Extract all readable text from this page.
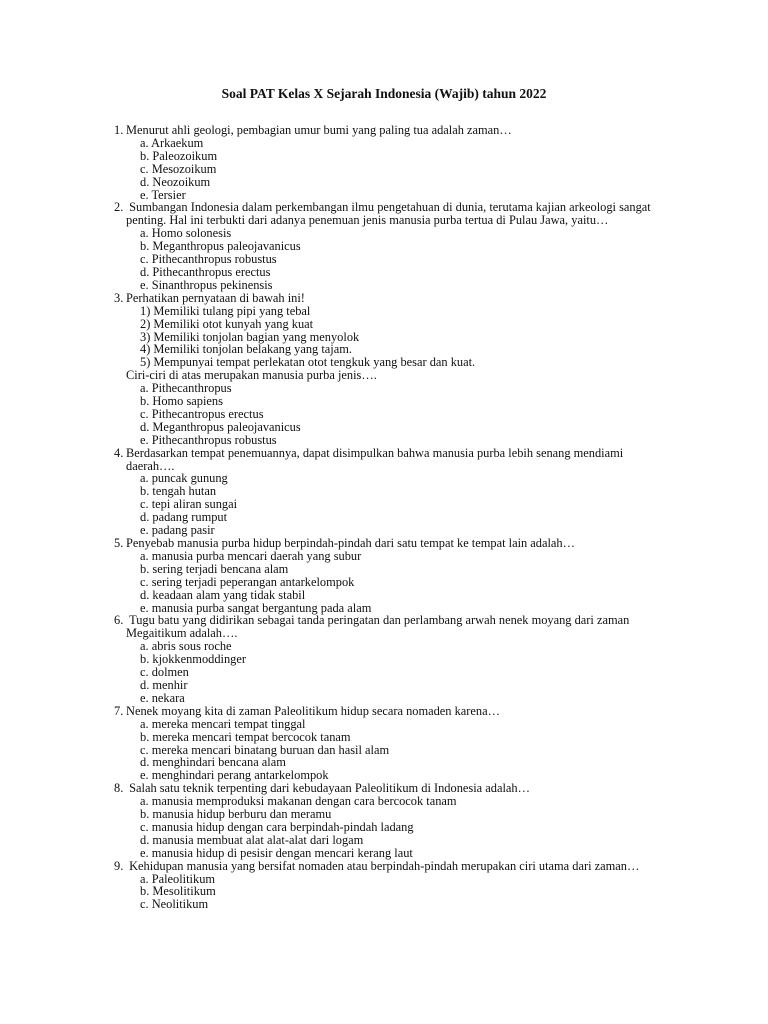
Soal PAT Kelas X Sejarah Indonesia (Wajib) tahun 2022
1. Menurut ahli geologi, pembagian umur bumi yang paling tua adalah zaman…
a. Arkaekum
b. Paleozoikum
c. Mesozoikum
d. Neozoikum
e. Tersier
2. Sumbangan Indonesia dalam perkembangan ilmu pengetahuan di dunia, terutama kajian arkeologi sangat penting. Hal ini terbukti dari adanya penemuan jenis manusia purba tertua di Pulau Jawa, yaitu…
a. Homo solonesis
b. Meganthropus paleojavanicus
c. Pithecanthropus robustus
d. Pithecanthropus erectus
e. Sinanthropus pekinensis
3. Perhatikan pernyataan di bawah ini!
1) Memiliki tulang pipi yang tebal
2) Memiliki otot kunyah yang kuat
3) Memiliki tonjolan bagian yang menyolok
4) Memiliki tonjolan belakang yang tajam.
5) Mempunyai tempat perlekatan otot tengkuk yang besar dan kuat.
Ciri-ciri di atas merupakan manusia purba jenis….
a. Pithecanthropus
b. Homo sapiens
c. Pithecantropus erectus
d. Meganthropus paleojavanicus
e. Pithecanthropus robustus
4. Berdasarkan tempat penemuannya, dapat disimpulkan bahwa manusia purba lebih senang mendiami daerah….
a. puncak gunung
b. tengah hutan
c. tepi aliran sungai
d. padang rumput
e. padang pasir
5. Penyebab manusia purba hidup berpindah-pindah dari satu tempat ke tempat lain adalah…
a. manusia purba mencari daerah yang subur
b. sering terjadi bencana alam
c. sering terjadi peperangan antarkelompok
d. keadaan alam yang tidak stabil
e. manusia purba sangat bergantung pada alam
6. Tugu batu yang didirikan sebagai tanda peringatan dan perlambang arwah nenek moyang dari zaman Megaitikum adalah….
a. abris sous roche
b. kjokkenmoddinger
c. dolmen
d. menhir
e. nekara
7. Nenek moyang kita di zaman Paleolitikum hidup secara nomaden karena…
a. mereka mencari tempat tinggal
b. mereka mencari tempat bercocok tanam
c. mereka mencari binatang buruan dan hasil alam
d. menghindari bencana alam
e. menghindari perang antarkelompok
8. Salah satu teknik terpenting dari kebudayaan Paleolitikum di Indonesia adalah…
a. manusia memproduksi makanan dengan cara bercocok tanam
b. manusia hidup berburu dan meramu
c. manusia hidup dengan cara berpindah-pindah ladang
d. manusia membuat alat alat-alat dari logam
e. manusia hidup di pesisir dengan mencari kerang laut
9. Kehidupan manusia yang bersifat nomaden atau berpindah-pindah merupakan ciri utama dari zaman…
a. Paleolitikum
b. Mesolitikum
c. Neolitikum
